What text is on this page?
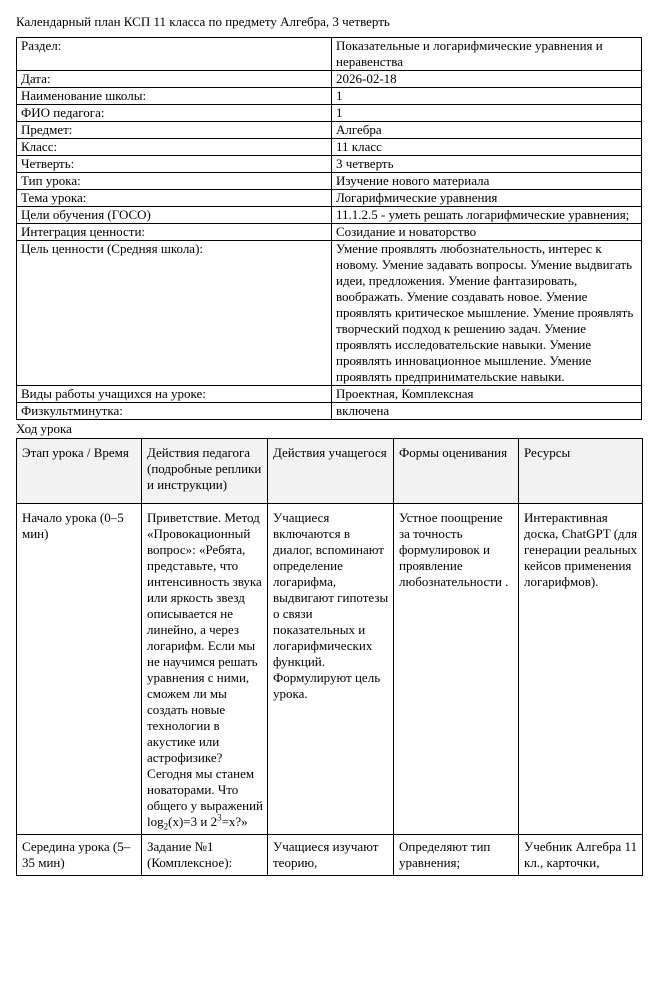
Календарный план КСП 11 класса по предмету Алгебра, 3 четверть
Раздел:	Показательные и логарифмические уравнения и неравенства
Дата:	2026-02-18
Наименование школы:	1
ФИО педагога:	1
Предмет:	Алгебра
Класс:	11 класс
Четверть:	3 четверть
Тип урока:	Изучение нового материала
Тема урока:	Логарифмические уравнения
Цели обучения (ГОСО)	11.1.2.5 - уметь решать логарифмические уравнения;
Интеграция ценности:	Созидание и новаторство
Цель ценности (Средняя школа):	Умение проявлять любознательность, интерес к новому. Умение задавать вопросы. Умение выдвигать идеи, предложения. Умение фантазировать, воображать. Умение создавать новое. Умение проявлять критическое мышление. Умение проявлять творческий подход к решению задач. Умение проявлять исследовательские навыки. Умение проявлять инновационное мышление. Умение проявлять предпринимательские навыки.
Виды работы учащихся на уроке:	Проектная, Комплексная
Физкультминутка:	включена
Ход урока
Этап урока / Время	Действия педагога (подробные реплики и инструкции)	Действия учащегося	Формы оценивания	Ресурсы
Начало урока (0–5 мин)	Приветствие. Метод «Провокационный вопрос»: «Ребята, представьте, что интенсивность звука или яркость звезд описывается не линейно, а через логарифм. Если мы не научимся решать уравнения с ними, сможем ли мы создать новые технологии в акустике или астрофизике? Сегодня мы станем новаторами. Что общего у выражений $\log_2(x)=3$ и $2^3=x$?»	Учащиеся включаются в диалог, вспоминают определение логарифма, выдвигают гипотезы о связи показательных и логарифмических функций. Формулируют цель урока.	Устное поощрение за точность формулировок и проявление любознательности .	Интерактивная доска, ChatGPT (для генерации реальных кейсов применения логарифмов).
Середина урока (5–35 мин)	Задание №1 (Комплексное):	Учащиеся изучают теорию,	Определяют тип уравнения;	Учебник Алгебра 11 кл., карточки,
